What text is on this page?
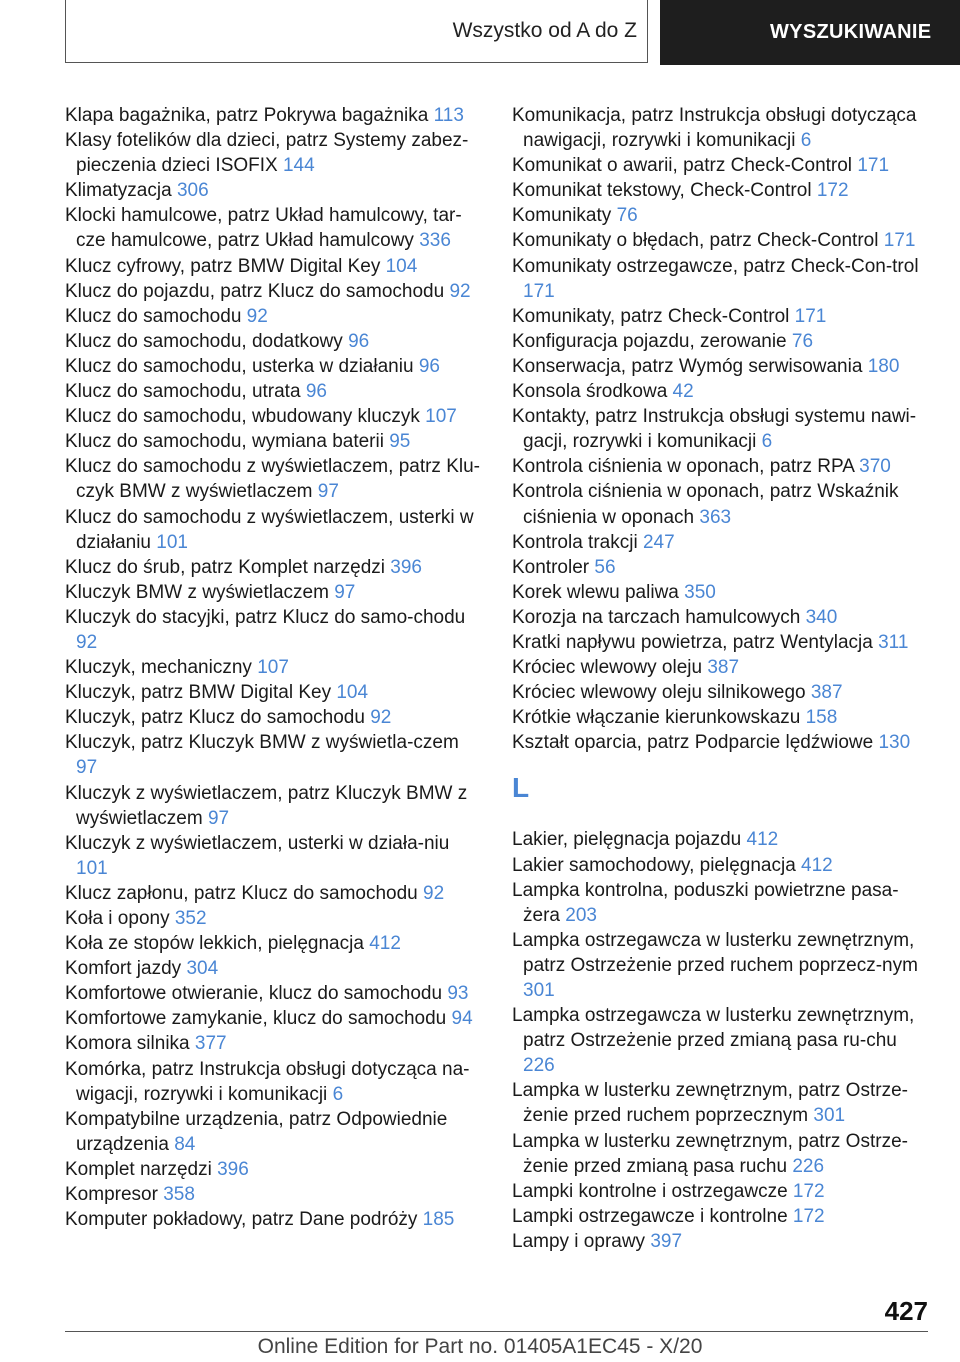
Wszystko od A do Z	WYSZUKIWANIE
Klapa bagażnika, patrz Pokrywa bagażnika 113
Klasy fotelików dla dzieci, patrz Systemy zabez-pieczenia dzieci ISOFIX 144
Klimatyzacja 306
Klocki hamulcowe, patrz Układ hamulcowy, tar-cze hamulcowe, patrz Układ hamulcowy 336
Klucz cyfrowy, patrz BMW Digital Key 104
Klucz do pojazdu, patrz Klucz do samochodu 92
Klucz do samochodu 92
Klucz do samochodu, dodatkowy 96
Klucz do samochodu, usterka w działaniu 96
Klucz do samochodu, utrata 96
Klucz do samochodu, wbudowany kluczyk 107
Klucz do samochodu, wymiana baterii 95
Klucz do samochodu z wyświetlaczem, patrz Klu-czyk BMW z wyświetlaczem 97
Klucz do samochodu z wyświetlaczem, usterki w działaniu 101
Klucz do śrub, patrz Komplet narzędzi 396
Kluczyk BMW z wyświetlaczem 97
Kluczyk do stacyjki, patrz Klucz do samo-chodu 92
Kluczyk, mechaniczny 107
Kluczyk, patrz BMW Digital Key 104
Kluczyk, patrz Klucz do samochodu 92
Kluczyk, patrz Kluczyk BMW z wyświetla-czem 97
Kluczyk z wyświetlaczem, patrz Kluczyk BMW z wyświetlaczem 97
Kluczyk z wyświetlaczem, usterki w działa-niu 101
Klucz zapłonu, patrz Klucz do samochodu 92
Koła i opony 352
Koła ze stopów lekkich, pielęgnacja 412
Komfort jazdy 304
Komfortowe otwieranie, klucz do samochodu 93
Komfortowe zamykanie, klucz do samochodu 94
Komora silnika 377
Komórka, patrz Instrukcja obsługi dotycząca na-wigacji, rozrywki i komunikacji 6
Kompatybilne urządzenia, patrz Odpowiednie urządzenia 84
Komplet narzędzi 396
Kompresor 358
Komputer pokładowy, patrz Dane podróży 185
Komunikacja, patrz Instrukcja obsługi dotycząca nawigacji, rozrywki i komunikacji 6
Komunikat o awarii, patrz Check-Control 171
Komunikat tekstowy, Check-Control 172
Komunikaty 76
Komunikaty o błędach, patrz Check-Control 171
Komunikaty ostrzegawcze, patrz Check-Con-trol 171
Komunikaty, patrz Check-Control 171
Konfiguracja pojazdu, zerowanie 76
Konserwacja, patrz Wymóg serwisowania 180
Konsola środkowa 42
Kontakty, patrz Instrukcja obsługi systemu nawi-gacji, rozrywki i komunikacji 6
Kontrola ciśnienia w oponach, patrz RPA 370
Kontrola ciśnienia w oponach, patrz Wskaźnik ciśnienia w oponach 363
Kontrola trakcji 247
Kontroler 56
Korek wlewu paliwa 350
Korozja na tarczach hamulcowych 340
Kratki napływu powietrza, patrz Wentylacja 311
Króciec wlewowy oleju 387
Króciec wlewowy oleju silnikowego 387
Krótkie włączanie kierunkowskazu 158
Kształt oparcia, patrz Podparcie lędźwiowe 130
L
Lakier, pielęgnacja pojazdu 412
Lakier samochodowy, pielęgnacja 412
Lampka kontrolna, poduszki powietrzne pasa-żera 203
Lampka ostrzegawcza w lusterku zewnętrznym, patrz Ostrzeżenie przed ruchem poprzecz-nym 301
Lampka ostrzegawcza w lusterku zewnętrznym, patrz Ostrzeżenie przed zmianą pasa ru-chu 226
Lampka w lusterku zewnętrznym, patrz Ostrze-żenie przed ruchem poprzecznym 301
Lampka w lusterku zewnętrznym, patrz Ostrze-żenie przed zmianą pasa ruchu 226
Lampki kontrolne i ostrzegawcze 172
Lampki ostrzegawcze i kontrolne 172
Lampy i oprawy 397
427
Online Edition for Part no. 01405A1EC45 - X/20
